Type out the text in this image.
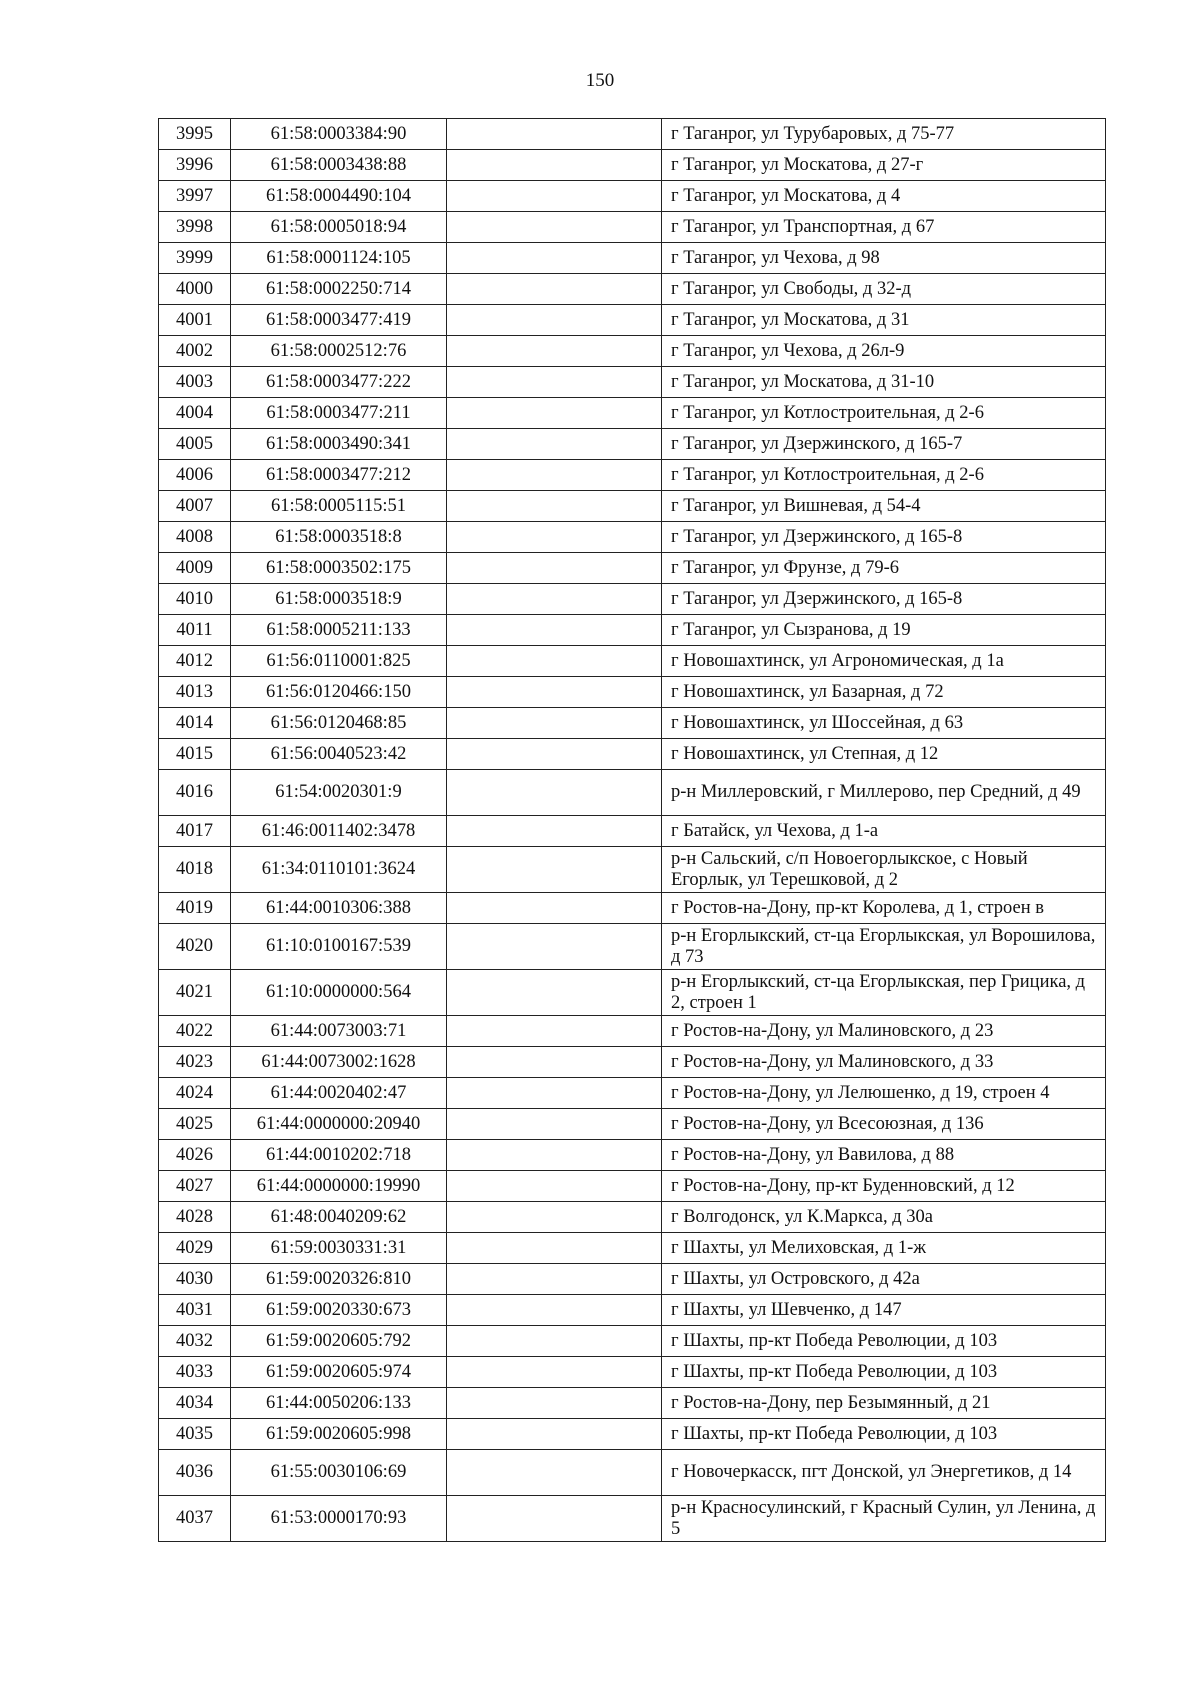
150
3995	61:58:0003384:90		г Таганрог, ул Турубаровых, д 75-77
3996	61:58:0003438:88		г Таганрог, ул Москатова, д 27-г
3997	61:58:0004490:104		г Таганрог, ул Москатова, д 4
3998	61:58:0005018:94		г Таганрог, ул Транспортная, д 67
3999	61:58:0001124:105		г Таганрог, ул Чехова, д 98
4000	61:58:0002250:714		г Таганрог, ул Свободы, д 32-д
4001	61:58:0003477:419		г Таганрог, ул Москатова, д 31
4002	61:58:0002512:76		г Таганрог, ул Чехова, д 26л-9
4003	61:58:0003477:222		г Таганрог, ул Москатова, д 31-10
4004	61:58:0003477:211		г Таганрог, ул Котлостроительная, д 2-6
4005	61:58:0003490:341		г Таганрог, ул Дзержинского, д 165-7
4006	61:58:0003477:212		г Таганрог, ул Котлостроительная, д 2-6
4007	61:58:0005115:51		г Таганрог, ул Вишневая, д 54-4
4008	61:58:0003518:8		г Таганрог, ул Дзержинского, д 165-8
4009	61:58:0003502:175		г Таганрог, ул Фрунзе, д 79-6
4010	61:58:0003518:9		г Таганрог, ул Дзержинского, д 165-8
4011	61:58:0005211:133		г Таганрог, ул Сызранова, д 19
4012	61:56:0110001:825		г Новошахтинск, ул Агрономическая, д 1а
4013	61:56:0120466:150		г Новошахтинск, ул Базарная, д 72
4014	61:56:0120468:85		г Новошахтинск, ул Шоссейная, д 63
4015	61:56:0040523:42		г Новошахтинск, ул Степная, д 12
4016	61:54:0020301:9		р-н Миллеровский, г Миллерово, пер Средний, д 49
4017	61:46:0011402:3478		г Батайск, ул Чехова, д 1-а
4018	61:34:0110101:3624		р-н Сальский, с/п Новоегорлыкское, с Новый Егорлык, ул Терешковой, д 2
4019	61:44:0010306:388		г Ростов-на-Дону, пр-кт Королева, д 1, строен в
4020	61:10:0100167:539		р-н Егорлыкский, ст-ца Егорлыкская, ул Ворошилова, д 73
4021	61:10:0000000:564		р-н Егорлыкский, ст-ца Егорлыкская, пер Грицика, д 2, строен 1
4022	61:44:0073003:71		г Ростов-на-Дону, ул Малиновского, д 23
4023	61:44:0073002:1628		г Ростов-на-Дону, ул Малиновского, д 33
4024	61:44:0020402:47		г Ростов-на-Дону, ул Лелюшенко, д 19, строен 4
4025	61:44:0000000:20940		г Ростов-на-Дону, ул Всесоюзная, д 136
4026	61:44:0010202:718		г Ростов-на-Дону, ул Вавилова, д 88
4027	61:44:0000000:19990		г Ростов-на-Дону, пр-кт Буденновский, д 12
4028	61:48:0040209:62		г Волгодонск, ул К.Маркса, д 30а
4029	61:59:0030331:31		г Шахты, ул Мелиховская, д 1-ж
4030	61:59:0020326:810		г Шахты, ул Островского, д 42а
4031	61:59:0020330:673		г Шахты, ул Шевченко, д 147
4032	61:59:0020605:792		г Шахты, пр-кт Победа Революции, д 103
4033	61:59:0020605:974		г Шахты, пр-кт Победа Революции, д 103
4034	61:44:0050206:133		г Ростов-на-Дону, пер Безымянный, д 21
4035	61:59:0020605:998		г Шахты, пр-кт Победа Революции, д 103
4036	61:55:0030106:69		г Новочеркасск, пгт Донской, ул Энергетиков, д 14
4037	61:53:0000170:93		р-н Красносулинский, г Красный Сулин, ул Ленина, д 5
